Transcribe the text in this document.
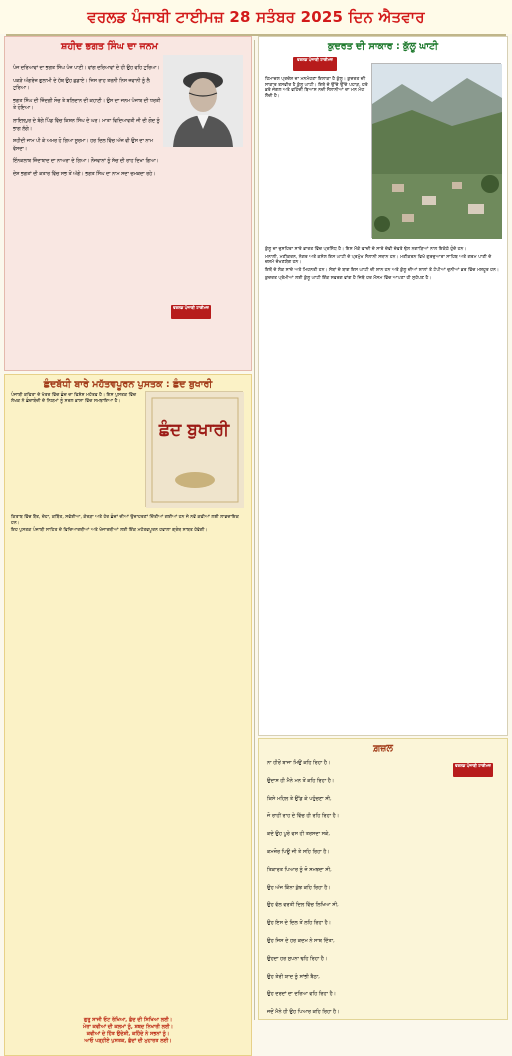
ਵਰਲਡ ਪੰਜਾਬੀ ਟਾਈਮਜ਼ 28 ਸਤੰਬਰ 2025 ਦਿਨ ਐਤਵਾਰ
ਸ਼ਹੀਦ ਭਗਤ ਸਿੰਘ ਦਾ ਜਨਮ

ਪੰਜ ਦਰਿਆਵਾਂ ਦਾ ਭਗਤ ਸਿੰਘ ਪੰਜ ਪਾਣੀ। ਵਾਂਗ ਦਰਿਆਵਾਂ ਦੇ ਹੀ ਉਹ ਵਹਿ ਟੁਰਿਆ।

ਪਕੜੇ ਅੰਗਰੇਜ਼ ਗੁਲਾਮੀ ਦੇ ਹੱਥ ਉਹ ਛਡਾਏ। ਜਿਸ ਰਾਹ ਤਰਨੀ ਨਿਸ ਜਵਾਨੀ ਨੂੰ ਲੈ ਟੁਰਿਆ।

ਭਗਤ ਸਿੰਘ ਦੀ ਜ਼ਿੰਦਗੀ ਸੋਚ ਤੇ ਬਲਿਦਾਨ ਦੀ ਕਹਾਣੀ। ਉਸ ਦਾ ਜਨਮ ਪੰਜਾਬ ਦੀ ਧਰਤੀ ਤੇ ਹੋਇਆ।

ਲਾਇਲਪੁਰ ਦੇ ਬੰਗੇ ਪਿੰਡ ਵਿੱਚ ਕਿਸ਼ਨ ਸਿੰਘ ਦੇ ਘਰ। ਮਾਤਾ ਵਿਦਿਆਵਤੀ ਜੀ ਦੀ ਗੋਦ ਨੂੰ ਭਾਗ ਲੱਗੇ।

ਸ਼ਹੀਦੀ ਜਾਮ ਪੀ ਕੇ ਅਮਰ ਹੋ ਗਿਆ ਸੂਰਮਾ। ਹਰ ਦਿਲ ਵਿੱਚ ਅੱਜ ਵੀ ਉਸ ਦਾ ਨਾਮ ਵੱਸਦਾ।

ਇੰਨਕਲਾਬ ਜ਼ਿੰਦਾਬਾਦ ਦਾ ਨਾਅਰਾ ਦੇ ਗਿਆ। ਨੌਜਵਾਨਾਂ ਨੂੰ ਸੱਚ ਦੀ ਰਾਹ ਦਿਖਾ ਗਿਆ।

ਦੇਸ਼ ਭਗਤਾਂ ਦੀ ਕਤਾਰ ਵਿੱਚ ਸਭ ਤੋਂ ਅੱਗੇ। ਭਗਤ ਸਿੰਘ ਦਾ ਨਾਮ ਸਦਾ ਚਮਕਦਾ ਰਹੇ।

ਵਰਲਡ ਪੰਜਾਬੀ ਟਾਈਮਜ਼
ਛੰਦਬੱਧੀ ਬਾਰੇ ਮਹੱਤਵਪੂਰਨ ਪੁਸਤਕ : ਛੰਦ ਬੁਖਾਰੀ
ਛੰਦ ਬੁਖਾਰੀ

ਪੰਜਾਬੀ ਕਵਿਤਾ ਦੇ ਖੇਤਰ ਵਿੱਚ ਛੰਦ ਦਾ ਵਿਸ਼ੇਸ਼ ਮਹੱਤਵ ਹੈ। ਇਸ ਪੁਸਤਕ ਵਿੱਚ ਲੇਖਕ ਨੇ ਛੰਦਾਬੰਦੀ ਦੇ ਨਿਯਮਾਂ ਨੂੰ ਸਰਲ ਭਾਸ਼ਾ ਵਿੱਚ ਸਮਝਾਇਆ ਹੈ।

ਕਿਤਾਬ ਵਿੱਚ ਬੈਂਤ, ਦੋਹਾ, ਕਬਿੱਤ, ਸਵੱਈਆ, ਕੋਰੜਾ ਅਤੇ ਹੋਰ ਛੰਦਾਂ ਦੀਆਂ ਉਦਾਹਰਣਾਂ ਦਿੱਤੀਆਂ ਗਈਆਂ ਹਨ ਜੋ ਨਵੇਂ ਕਵੀਆਂ ਲਈ ਲਾਭਦਾਇਕ ਹਨ।

ਇਹ ਪੁਸਤਕ ਪੰਜਾਬੀ ਸਾਹਿਤ ਦੇ ਵਿਦਿਆਰਥੀਆਂ ਅਤੇ ਖੋਜਾਰਥੀਆਂ ਲਈ ਇੱਕ ਮਹੱਤਵਪੂਰਨ ਹਵਾਲਾ ਗ੍ਰੰਥ ਸਾਬਤ ਹੋਵੇਗੀ।

ਗੁਰੂ ਸਾਜੀ ਓਟ ਰੱਖਿਆ, ਛੰਦ ਦੀ ਸਿਖਿਆ ਲਈ।
ਮੇਰਾ ਕਵੀਆਂ ਦੀ ਕਲਮਾਂ ਨੂੰ, ਸ਼ਬਦ ਨਿਖਾਰੀ ਲਈ।
ਕਵੀਆਂ ਦੇ ਹਿੱਤ ਉਦੇਸ਼ੀ, ਕਹਿੰਦੇ ਨੇ ਸਭਨਾਂ ਨੂੰ।
ਆਓ ਪੜ੍ਹੀਏ ਪੁਸਤਕ, ਛੰਦਾਂ ਦੀ ਮੁਹਾਰਤ ਲਈ।
ਕੁਦਰਤ ਦੀ ਸਾਕਾਰ : ਕੁੱਲੂ ਘਾਟੀ
ਵਰਲਡ ਪੰਜਾਬੀ ਟਾਈਮਜ਼

ਹਿਮਾਚਲ ਪ੍ਰਦੇਸ਼ ਦਾ ਮਨਮੋਹਣਾ ਇਲਾਕਾ ਹੈ ਕੁੱਲੂ। ਕੁਦਰਤ ਦੀ ਸਾਕਾਰ ਤਸਵੀਰ ਹੈ ਕੁੱਲੂ ਘਾਟੀ। ਇਥੇ ਦੇ ਉੱਚੇ ਉੱਚੇ ਪਹਾੜ, ਹਰੇ ਭਰੇ ਜੰਗਲ ਅਤੇ ਵਹਿੰਦੀ ਬਿਆਸ ਨਦੀ ਸੈਲਾਨੀਆਂ ਦਾ ਮਨ ਮੋਹ ਲੈਂਦੀ ਹੈ।

ਕੁੱਲੂ ਦਾ ਦੁਸਹਿਰਾ ਸਾਰੇ ਭਾਰਤ ਵਿੱਚ ਪ੍ਰਸਿੱਧ ਹੈ। ਇਸ ਮੌਕੇ ਵਾਦੀ ਦੇ ਸਾਰੇ ਦੇਵੀ ਦੇਵਤੇ ਢੋਲ ਨਗਾੜਿਆਂ ਨਾਲ ਇਕੱਠੇ ਹੁੰਦੇ ਹਨ।

ਮਨਾਲੀ, ਮਣੀਕਰਨ, ਨੱਗਰ ਅਤੇ ਕਸੋਲ ਇਸ ਘਾਟੀ ਦੇ ਪ੍ਰਮੁੱਖ ਸੈਲਾਨੀ ਸਥਾਨ ਹਨ। ਮਣੀਕਰਨ ਵਿਖੇ ਗੁਰਦੁਆਰਾ ਸਾਹਿਬ ਅਤੇ ਗਰਮ ਪਾਣੀ ਦੇ ਚਸ਼ਮੇ ਦੇਖਣਯੋਗ ਹਨ।

ਇਥੋਂ ਦੇ ਲੋਕ ਸਾਦੇ ਅਤੇ ਮਿਹਨਤੀ ਹਨ। ਸੇਬਾਂ ਦੇ ਬਾਗ ਇਸ ਘਾਟੀ ਦੀ ਸ਼ਾਨ ਹਨ ਅਤੇ ਕੁੱਲੂ ਦੀਆਂ ਸ਼ਾਲਾਂ ਤੇ ਟੋਪੀਆਂ ਦੁਨੀਆਂ ਭਰ ਵਿੱਚ ਮਸ਼ਹੂਰ ਹਨ।

ਕੁਦਰਤ ਪ੍ਰੇਮੀਆਂ ਲਈ ਕੁੱਲੂ ਘਾਟੀ ਇੱਕ ਸਵਰਗ ਵਾਂਗ ਹੈ ਜਿਥੇ ਹਰ ਮੌਸਮ ਵਿੱਚ ਆਪਣਾ ਹੀ ਸੁਹੱਪਣ ਹੈ।

ਗ਼ਜ਼ਲ
ਵਰਲਡ ਪੰਜਾਬੀ ਟਾਈਮਜ਼
ਨਾ ਹੀਰੋਂ ਬਾਜਾ ਮਿਉਂ ਕਹਿ ਰਿਹਾ ਹੈ।
ਉਦਾਸ ਹੀ ਮੈਨੇ ਮਨ ਤੋਂ ਕਹਿ ਰਿਹਾ ਹੈ।
ਕਿਸੇ ਮਹਿਲ ਤੇ ਉੱਡ ਕੇ ਪਹੁੰਚਣਾ ਸੀ,
ਜੋ ਰਾਹੀਂ ਰਾਹ ਦੇ ਵਿੱਚ ਹੀ ਰਹਿ ਰਿਹਾ ਹੈ।
ਕਦੇ ਉਹ ਪੂਰੇ ਵਸ ਹੀ ਤਰਸਦਾ ਸਕੇ,
ਕਮਜ਼ੋਰ ਪਿਊ ਜੀ ਤੇ ਸਹਿ ਰਿਹਾ ਹੈ।
ਤਿਕਾਰਤ ਪਿਆਰ ਨੂੰ ਜੋ ਸਮਝਦਾ ਸੀ,
ਉਹ ਅੱਜ ਕਿੰਨਾ ਕੁੱਝ ਕਹਿ ਰਿਹਾ ਹੈ।
ਉਹ ਵੱਲ ਵਰਤੀ ਦਿਲ ਵਿੱਚ ਲਿਖਿਆ ਸੀ,
ਉਹ ਇਸ ਦੇ ਦਿਲ ਤੋਂ ਲਹਿ ਰਿਹਾ ਹੈ।
ਉਹ ਜਿਸ ਦੇ ਹਰ ਕਦਮ ਨੇ ਸਾਥ ਦਿੱਤਾ,
ਉਹਦਾ ਹਰ ਸੁਪਨਾ ਢਹਿ ਰਿਹਾ ਹੈ।
ਉਹ ਤੇਰੀ ਯਾਦ ਨੂੰ ਸਾਂਭੀ ਬੈਠਾ,
ਉਹ ਦਰਦਾਂ ਦਾ ਦਰਿਆ ਵਹਿ ਰਿਹਾ ਹੈ।
ਜਦੋਂ ਮੈਨੇ ਹੀ ਉਹ ਪਿਆਰ ਕਹਿ ਰਿਹਾ ਹੈ।
